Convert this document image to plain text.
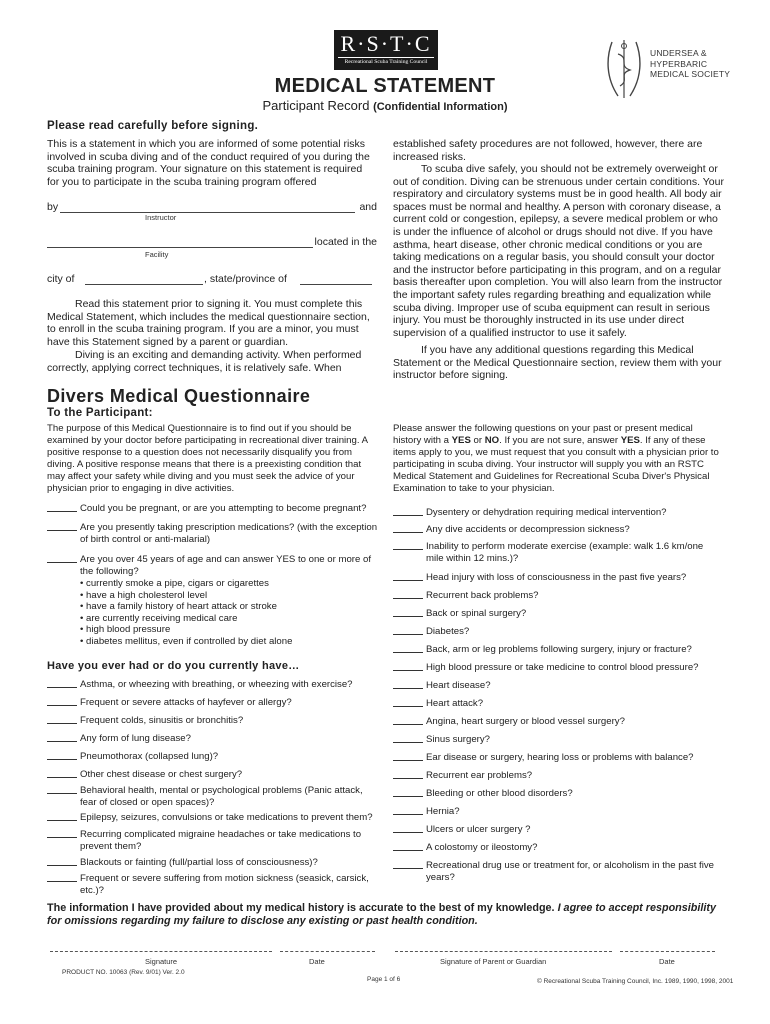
R·S·T·C
Recreational Scuba Training Council
UNDERSEA &
HYPERBARIC
MEDICAL SOCIETY
MEDICAL STATEMENT
Participant Record (Confidential Information)
Please read carefully before signing.
This is a statement in which you are informed of some potential risks involved in scuba diving and of the conduct required of you during the scuba training program. Your signature on this statement is required for you to participate in the scuba training program offered
by	and
Instructor
located in the
Facility
city of	, state/province of
Read this statement prior to signing it. You must complete this Medical Statement, which includes the medical questionnaire section, to enroll in the scuba training program. If you are a minor, you must have this Statement signed by a parent or guardian.
Diving is an exciting and demanding activity. When performed correctly, applying correct techniques, it is relatively safe. When
established safety procedures are not followed, however, there are increased risks.
To scuba dive safely, you should not be extremely overweight or out of condition. Diving can be strenuous under certain conditions. Your respiratory and circulatory systems must be in good health. All body air spaces must be normal and healthy. A person with coronary disease, a current cold or congestion, epilepsy, a severe medical problem or who is under the influence of alcohol or drugs should not dive. If you have asthma, heart disease, other chronic medical conditions or you are taking medications on a regular basis, you should consult your doctor and the instructor before participating in this program, and on a regular basis thereafter upon completion. You will also learn from the instructor the important safety rules regarding breathing and equalization while scuba diving. Improper use of scuba equipment can result in serious injury. You must be thoroughly instructed in its use under direct supervision of a qualified instructor to use it safely.
If you have any additional questions regarding this Medical Statement or the Medical Questionnaire section, review them with your instructor before signing.
Divers Medical Questionnaire
To the Participant:
The purpose of this Medical Questionnaire is to find out if you should be examined by your doctor before participating in recreational diver training. A positive response to a question does not necessarily disqualify you from diving. A positive response means that there is a preexisting condition that may affect your safety while diving and you must seek the advice of your physician prior to engaging in dive activities.
Please answer the following questions on your past or present medical history with a YES or NO. If you are not sure, answer YES. If any of these items apply to you, we must request that you consult with a physician prior to participating in scuba diving. Your instructor will supply you with an RSTC Medical Statement and Guidelines for Recreational Scuba Diver's Physical Examination to take to your physician.
Could you be pregnant, or are you attempting to become pregnant?
Are you presently taking prescription medications? (with the exception of birth control or anti-malarial)
Are you over 45 years of age and can answer YES to one or more of the following?
• currently smoke a pipe, cigars or cigarettes
• have a high cholesterol level
• have a family history of heart attack or stroke
• are currently receiving medical care
• high blood pressure
• diabetes mellitus, even if controlled by diet alone
Have you ever had or do you currently have…
Asthma, or wheezing with breathing, or wheezing with exercise?
Frequent or severe attacks of hayfever or allergy?
Frequent colds, sinusitis or bronchitis?
Any form of lung disease?
Pneumothorax (collapsed lung)?
Other chest disease or chest surgery?
Behavioral health, mental or psychological problems (Panic attack, fear of closed or open spaces)?
Epilepsy, seizures, convulsions or take medications to prevent them?
Recurring complicated migraine headaches or take medications to prevent them?
Blackouts or fainting (full/partial loss of consciousness)?
Frequent or severe suffering from motion sickness (seasick, carsick, etc.)?
Dysentery or dehydration requiring medical intervention?
Any dive accidents or decompression sickness?
Inability to perform moderate exercise (example: walk 1.6 km/one mile within 12 mins.)?
Head injury with loss of consciousness in the past five years?
Recurrent back problems?
Back or spinal surgery?
Diabetes?
Back, arm or leg problems following surgery, injury or fracture?
High blood pressure or take medicine to control blood pressure?
Heart disease?
Heart attack?
Angina, heart surgery or blood vessel surgery?
Sinus surgery?
Ear disease or surgery, hearing loss or problems with balance?
Recurrent ear problems?
Bleeding or other blood disorders?
Hernia?
Ulcers or ulcer surgery ?
A colostomy or ileostomy?
Recreational drug use or treatment for, or alcoholism in the past five years?
The information I have provided about my medical history is accurate to the best of my knowledge. I agree to accept responsibility for omissions regarding my failure to disclose any existing or past health condition.
Signature	Date	Signature of Parent or Guardian	Date
PRODUCT NO. 10063 (Rev. 9/01) Ver. 2.0
Page 1 of 6	© Recreational Scuba Training Council, Inc. 1989, 1990, 1998, 2001
